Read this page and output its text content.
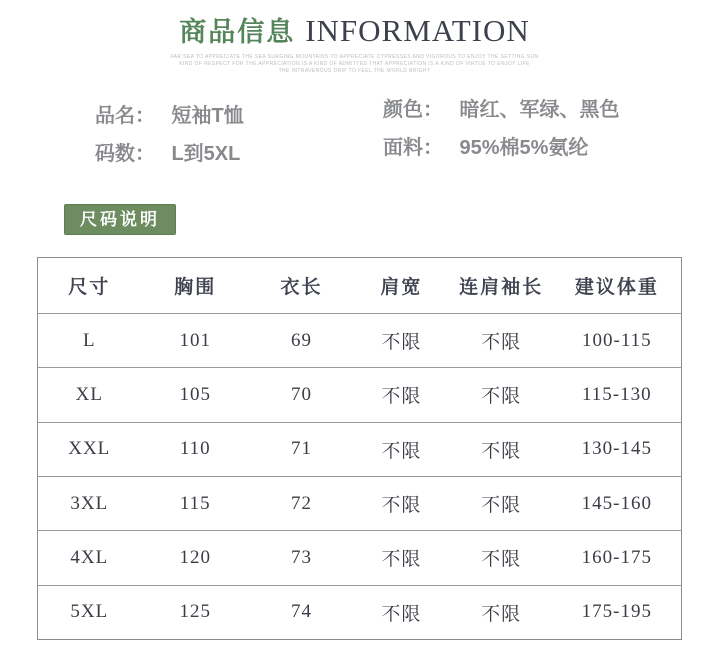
商品信息 INFORMATION
FAR SEA TO APPRECIATE THE SEA SURGING MOUNTAINS TO APPRECIATE CYPRESSES AND VIGOROUS TO ENJOY THE SETTING SUN
KIND OF RESPECT FOR THE APPRECIATION IS A KIND OF ADMITTED THAT APPRECIATION IS A KIND OF VIRTUE TO ENJOY LIFE
THE INTRAVENOUS DRIP TO FEEL THE WORLD BRIGHT
品名： 短袖T恤
码数： L到5XL
颜色： 暗红、军绿、黑色
面料： 95%棉5%氨纶
尺码说明
尺寸	胸围	衣长	肩宽	连肩袖长	建议体重
L	101	69	不限	不限	100-115
XL	105	70	不限	不限	115-130
XXL	110	71	不限	不限	130-145
3XL	115	72	不限	不限	145-160
4XL	120	73	不限	不限	160-175
5XL	125	74	不限	不限	175-195
